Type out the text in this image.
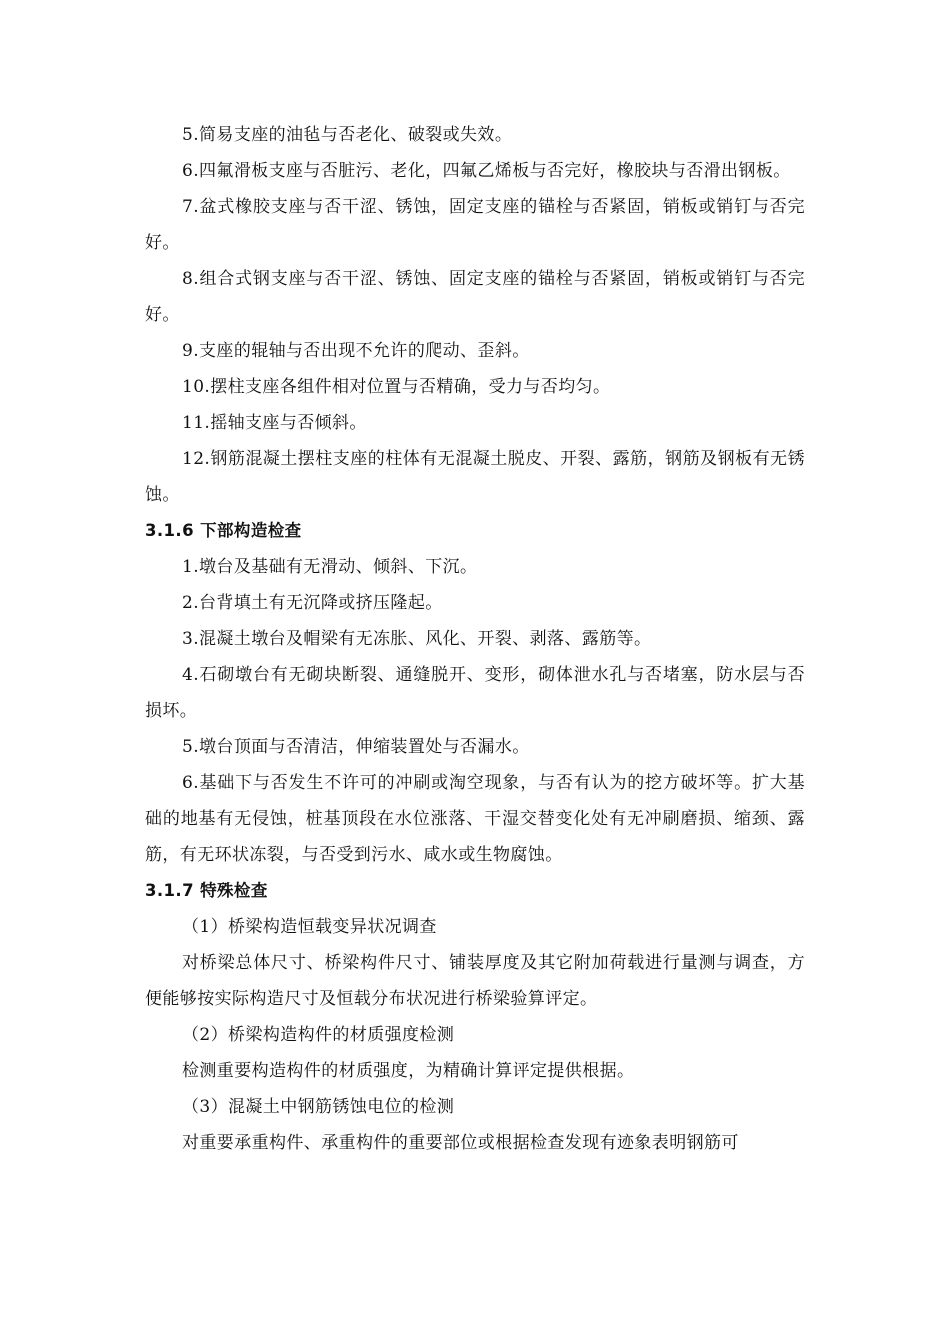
5.简易支座的油毡与否老化、破裂或失效。

6.四氟滑板支座与否脏污、老化，四氟乙烯板与否完好，橡胶块与否滑出钢板。

7.盆式橡胶支座与否干涩、锈蚀，固定支座的锚栓与否紧固，销板或销钉与否完好。

8.组合式钢支座与否干涩、锈蚀、固定支座的锚栓与否紧固，销板或销钉与否完好。

9.支座的辊轴与否出现不允许的爬动、歪斜。

10.摆柱支座各组件相对位置与否精确，受力与否均匀。

11.摇轴支座与否倾斜。

12.钢筋混凝土摆柱支座的柱体有无混凝土脱皮、开裂、露筋，钢筋及钢板有无锈蚀。

3.1.6 下部构造检查

1.墩台及基础有无滑动、倾斜、下沉。

2.台背填土有无沉降或挤压隆起。

3.混凝土墩台及帽梁有无冻胀、风化、开裂、剥落、露筋等。

4.石砌墩台有无砌块断裂、通缝脱开、变形，砌体泄水孔与否堵塞，防水层与否损坏。

5.墩台顶面与否清洁，伸缩装置处与否漏水。

6.基础下与否发生不许可的冲刷或淘空现象，与否有认为的挖方破坏等。扩大基础的地基有无侵蚀，桩基顶段在水位涨落、干湿交替变化处有无冲刷磨损、缩颈、露筋，有无环状冻裂，与否受到污水、咸水或生物腐蚀。

3.1.7 特殊检查

（1）桥梁构造恒载变异状况调查

对桥梁总体尺寸、桥梁构件尺寸、铺装厚度及其它附加荷载进行量测与调查，方便能够按实际构造尺寸及恒载分布状况进行桥梁验算评定。

（2）桥梁构造构件的材质强度检测

检测重要构造构件的材质强度，为精确计算评定提供根据。

（3）混凝土中钢筋锈蚀电位的检测

对重要承重构件、承重构件的重要部位或根据检查发现有迹象表明钢筋可
